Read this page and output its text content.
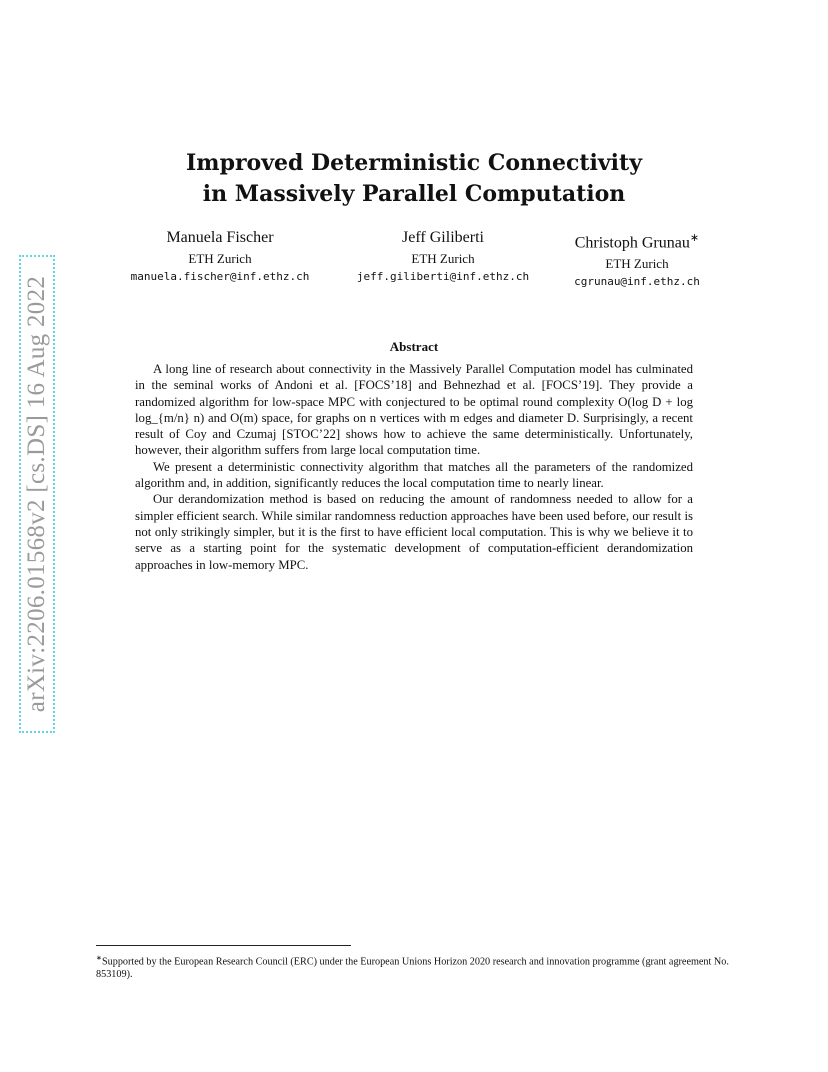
arXiv:2206.01568v2 [cs.DS] 16 Aug 2022
Improved Deterministic Connectivity
in Massively Parallel Computation
Manuela Fischer
ETH Zurich
manuela.fischer@inf.ethz.ch
Jeff Giliberti
ETH Zurich
jeff.giliberti@inf.ethz.ch
Christoph Grunau∗
ETH Zurich
cgrunau@inf.ethz.ch
Abstract

A long line of research about connectivity in the Massively Parallel Computation model has culminated in the seminal works of Andoni et al. [FOCS’18] and Behnezhad et al. [FOCS’19]. They provide a randomized algorithm for low-space MPC with conjectured to be optimal round complexity O(log D + log log_{m/n} n) and O(m) space, for graphs on n vertices with m edges and diameter D. Surprisingly, a recent result of Coy and Czumaj [STOC’22] shows how to achieve the same deterministically. Unfortunately, however, their algorithm suffers from large local computation time.

We present a deterministic connectivity algorithm that matches all the parameters of the randomized algorithm and, in addition, significantly reduces the local computation time to nearly linear.

Our derandomization method is based on reducing the amount of randomness needed to allow for a simpler efficient search. While similar randomness reduction approaches have been used before, our result is not only strikingly simpler, but it is the first to have efficient local computation. This is why we believe it to serve as a starting point for the systematic development of computation-efficient derandomization approaches in low-memory MPC.

∗Supported by the European Research Council (ERC) under the European Unions Horizon 2020 research and innovation programme (grant agreement No. 853109).
